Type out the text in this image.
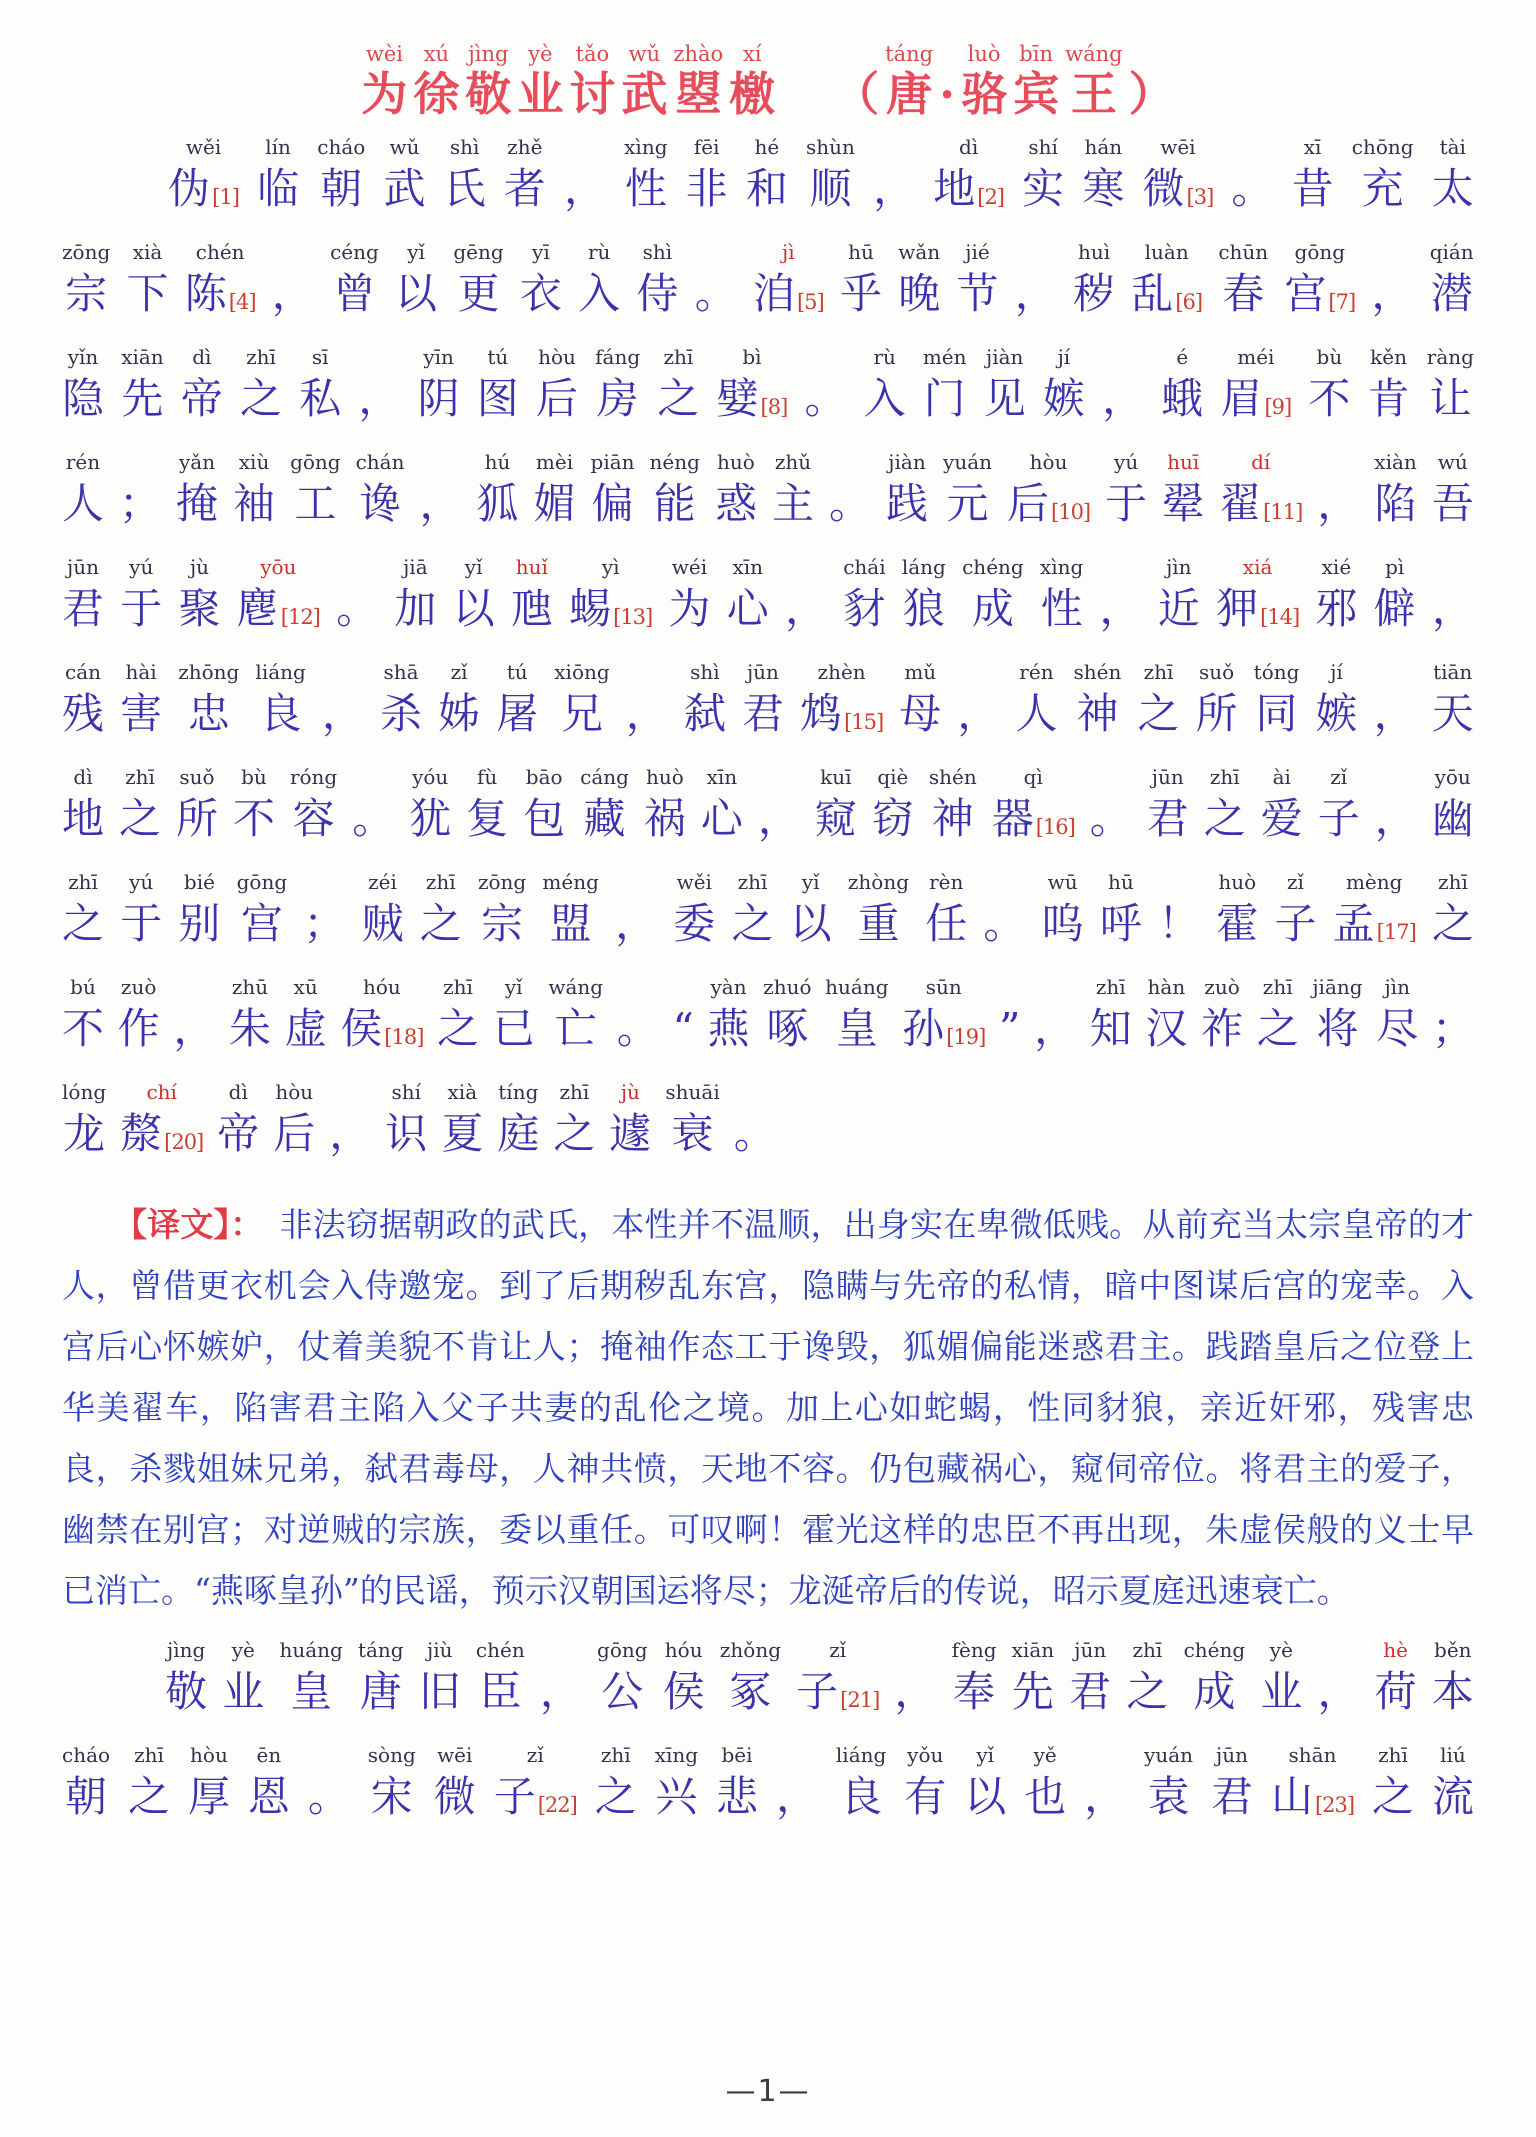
wèi
为
xú
徐
jìng
敬
yè
业
tǎo
讨
wǔ
武
zhào
曌
xí
檄

（
táng
唐
·
luò
骆
bīn
宾
wáng
王
）
wěi
伪 [1]
lín
临
cháo
朝
wǔ
武
shì
氏
zhě
者
，
xìng
性
fēi
非
hé
和
shùn
顺
，
dì
地 [2]
shí
实
hán
寒
wēi
微 [3]
。
xī
昔
chōng
充
tài
太
zōng
宗
xià
下
chén
陈 [4]
，
céng
曾
yǐ
以
gēng
更
yī
衣
rù
入
shì
侍
。
jì
洎 [5]
hū
乎
wǎn
晚
jié
节
，
huì
秽
luàn
乱 [6]
chūn
春
gōng
宫 [7]
，
qián
潜
yǐn
隐
xiān
先
dì
帝
zhī
之
sī
私
，
yīn
阴
tú
图
hòu
后
fáng
房
zhī
之
bì
嬖 [8]
。
rù
入
mén
门
jiàn
见
jí
嫉
，
é
蛾
méi
眉 [9]
bù
不
kěn
肯
ràng
让
rén
人
；
yǎn
掩
xiù
袖
gōng
工
chán
谗
，
hú
狐
mèi
媚
piān
偏
néng
能
huò
惑
zhǔ
主
。
jiàn
践
yuán
元
hòu
后 [10]
yú
于
huī
翚
dí
翟 [11]
，
xiàn
陷
wú
吾
jūn
君
yú
于
jù
聚
yōu
麀 [12]
。
jiā
加
yǐ
以
huǐ
虺
yì
蜴 [13]
wéi
为
xīn
心
，
chái
豺
láng
狼
chéng
成
xìng
性
，
jìn
近
xiá
狎 [14]
xié
邪
pì
僻
，
cán
残
hài
害
zhōng
忠
liáng
良
，
shā
杀
zǐ
姊
tú
屠
xiōng
兄
，
shì
弑
jūn
君
zhèn
鸩 [15]
mǔ
母
，
rén
人
shén
神
zhī
之
suǒ
所
tóng
同
jí
嫉
，
tiān
天
dì
地
zhī
之
suǒ
所
bù
不
róng
容
。
yóu
犹
fù
复
bāo
包
cáng
藏
huò
祸
xīn
心
，
kuī
窥
qiè
窃
shén
神
qì
器 [16]
。
jūn
君
zhī
之
ài
爱
zǐ
子
，
yōu
幽
zhī
之
yú
于
bié
别
gōng
宫
；
zéi
贼
zhī
之
zōng
宗
méng
盟
，
wěi
委
zhī
之
yǐ
以
zhòng
重
rèn
任
。
wū
呜
hū
呼
！
huò
霍
zǐ
子
mèng
孟 [17]
zhī
之
bú
不
zuò
作
，
zhū
朱
xū
虚
hóu
侯 [18]
zhī
之
yǐ
已
wáng
亡
。
“
yàn
燕
zhuó
啄
huáng
皇
sūn
孙 [19]
”
，
zhī
知
hàn
汉
zuò
祚
zhī
之
jiāng
将
jìn
尽
；
lóng
龙
chí
漦 [20]
dì
帝
hòu
后
，
shí
识
xià
夏
tíng
庭
zhī
之
jù
遽
shuāi
衰
。

【译文】： 非法窃据朝政的武氏，本性并不温顺，出身实在卑微低贱。从前充当太宗皇帝的才人，曾借更衣机会入侍邀宠。到了后期秽乱东宫，隐瞒与先帝的私情，暗中图谋后宫的宠幸。入宫后心怀嫉妒，仗着美貌不肯让人；掩袖作态工于谗毁，狐媚偏能迷惑君主。践踏皇后之位登上华美翟车，陷害君主陷入父子共妻的乱伦之境。加上心如蛇蝎，性同豺狼，亲近奸邪，残害忠良，杀戮姐妹兄弟，弑君毒母，人神共愤，天地不容。仍包藏祸心，窥伺帝位。将君主的爱子，幽禁在别宫；对逆贼的宗族，委以重任。可叹啊！霍光这样的忠臣不再出现，朱虚侯般的义士早已消亡。“燕啄皇孙”的民谣，预示汉朝国运将尽；龙涎帝后的传说，昭示夏庭迅速衰亡。

jìng
敬
yè
业
huáng
皇
táng
唐
jiù
旧
chén
臣
，
gōng
公
hóu
侯
zhǒng
冢
zǐ
子 [21]
，
fèng
奉
xiān
先
jūn
君
zhī
之
chéng
成
yè
业
，
hè
荷
běn
本
cháo
朝
zhī
之
hòu
厚
ēn
恩
。
sòng
宋
wēi
微
zǐ
子 [22]
zhī
之
xīng
兴
bēi
悲
，
liáng
良
yǒu
有
yǐ
以
yě
也
，
yuán
袁
jūn
君
shān
山 [23]
zhī
之
liú
流
—1—
